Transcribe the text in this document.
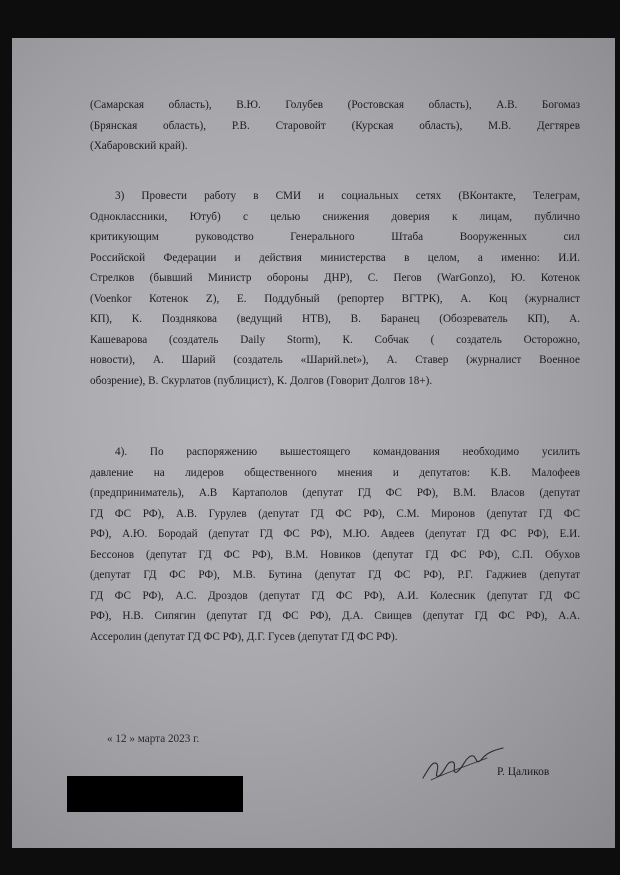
(Самарская область), В.Ю. Голубев (Ростовская область), А.В. Богомаз
(Брянская область), Р.В. Старовойт (Курская область), М.В. Дегтярев
(Хабаровский край).
3) Провести работу в СМИ и социальных сетях (ВКонтакте, Телеграм,
Одноклассники, Ютуб) с целью снижения доверия к лицам, публично
критикующим руководство Генерального Штаба Вооруженных сил
Российской Федерации и действия министерства в целом, а именно: И.И.
Стрелков (бывший Министр обороны ДНР), С. Пегов (WarGonzo), Ю. Котенок
(Voenkor Котенок Z), Е. Поддубный (репортер ВГТРК), А. Коц (журналист
КП), К. Позднякова (ведущий НТВ), В. Баранец (Обозреватель КП), А.
Кашеварова (создатель Daily Storm), К. Собчак ( создатель Осторожно,
новости), А. Шарий (создатель «Шарий.net»), А. Ставер (журналист Военное
обозрение), В. Скурлатов (публицист), К. Долгов (Говорит Долгов 18+).
4). По распоряжению вышестоящего командования необходимо усилить
давление на лидеров общественного мнения и депутатов: К.В. Малофеев
(предприниматель), А.В Картаполов (депутат ГД ФС РФ), В.М. Власов (депутат
ГД ФС РФ), А.В. Гурулев (депутат ГД ФС РФ), С.М. Миронов (депутат ГД ФС
РФ), А.Ю. Бородай (депутат ГД ФС РФ), М.Ю. Авдеев (депутат ГД ФС РФ), Е.И.
Бессонов (депутат ГД ФС РФ), В.М. Новиков (депутат ГД ФС РФ), С.П. Обухов
(депутат ГД ФС РФ), М.В. Бутина (депутат ГД ФС РФ), Р.Г. Гаджиев (депутат
ГД ФС РФ), А.С. Дроздов (депутат ГД ФС РФ), А.И. Колесник (депутат ГД ФС
РФ), Н.В. Сипягин (депутат ГД ФС РФ), Д.А. Свищев (депутат ГД ФС РФ), А.А.
Ассеролин (депутат ГД ФС РФ), Д.Г. Гусев (депутат ГД ФС РФ).
« 12 » марта 2023 г.
Р. Цаликов
